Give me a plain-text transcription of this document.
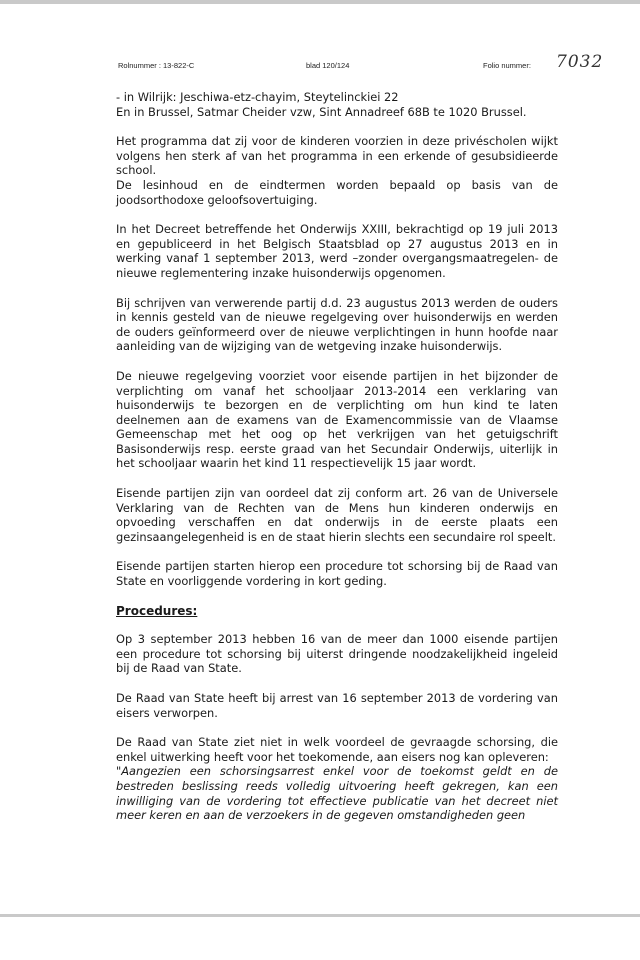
Rolnummer : 13-822-C	blad 120/124	Folio nummer: 7032

- in Wilrijk: Jeschiwa-etz-chayim, Steytelinckiei 22
En in Brussel, Satmar Cheider vzw, Sint Annadreef 68B te 1020 Brussel.

Het programma dat zij voor de kinderen voorzien in deze privéscholen wijkt volgens hen sterk af van het programma in een erkende of gesubsidieerde school.

De lesinhoud en de eindtermen worden bepaald op basis van de joodsorthodoxe geloofsovertuiging.

In het Decreet betreffende het Onderwijs XXIII, bekrachtigd op 19 juli 2013 en gepubliceerd in het Belgisch Staatsblad op 27 augustus 2013 en in werking vanaf 1 september 2013, werd –zonder overgangsmaatregelen- de nieuwe reglementering inzake huisonderwijs opgenomen.

Bij schrijven van verwerende partij d.d. 23 augustus 2013 werden de ouders in kennis gesteld van de nieuwe regelgeving over huisonderwijs en werden de ouders geïnformeerd over de nieuwe verplichtingen in hunn hoofde naar aanleiding van de wijziging van de wetgeving inzake huisonderwijs.

De nieuwe regelgeving voorziet voor eisende partijen in het bijzonder de verplichting om vanaf het schooljaar 2013-2014 een verklaring van huisonderwijs te bezorgen en de verplichting om hun kind te laten deelnemen aan de examens van de Examencommissie van de Vlaamse Gemeenschap met het oog op het verkrijgen van het getuigschrift Basisonderwijs resp. eerste graad van het Secundair Onderwijs, uiterlijk in het schooljaar waarin het kind 11 respectievelijk 15 jaar wordt.

Eisende partijen zijn van oordeel dat zij conform art. 26 van de Universele Verklaring van de Rechten van de Mens hun kinderen onderwijs en opvoeding verschaffen en dat onderwijs in de eerste plaats een gezinsaangelegenheid is en de staat hierin slechts een secundaire rol speelt.

Eisende partijen starten hierop een procedure tot schorsing bij de Raad van State en voorliggende vordering in kort geding.

Procedures:

Op 3 september 2013 hebben 16 van de meer dan 1000 eisende partijen een procedure tot schorsing bij uiterst dringende noodzakelijkheid ingeleid bij de Raad van State.

De Raad van State heeft bij arrest van 16 september 2013 de vordering van eisers verworpen.

De Raad van State ziet niet in welk voordeel de gevraagde schorsing, die enkel uitwerking heeft voor het toekomende, aan eisers nog kan opleveren:

"Aangezien een schorsingsarrest enkel voor de toekomst geldt en de bestreden beslissing reeds volledig uitvoering heeft gekregen, kan een inwilliging van de vordering tot effectieve publicatie van het decreet niet meer keren en aan de verzoekers in de gegeven omstandigheden geen
